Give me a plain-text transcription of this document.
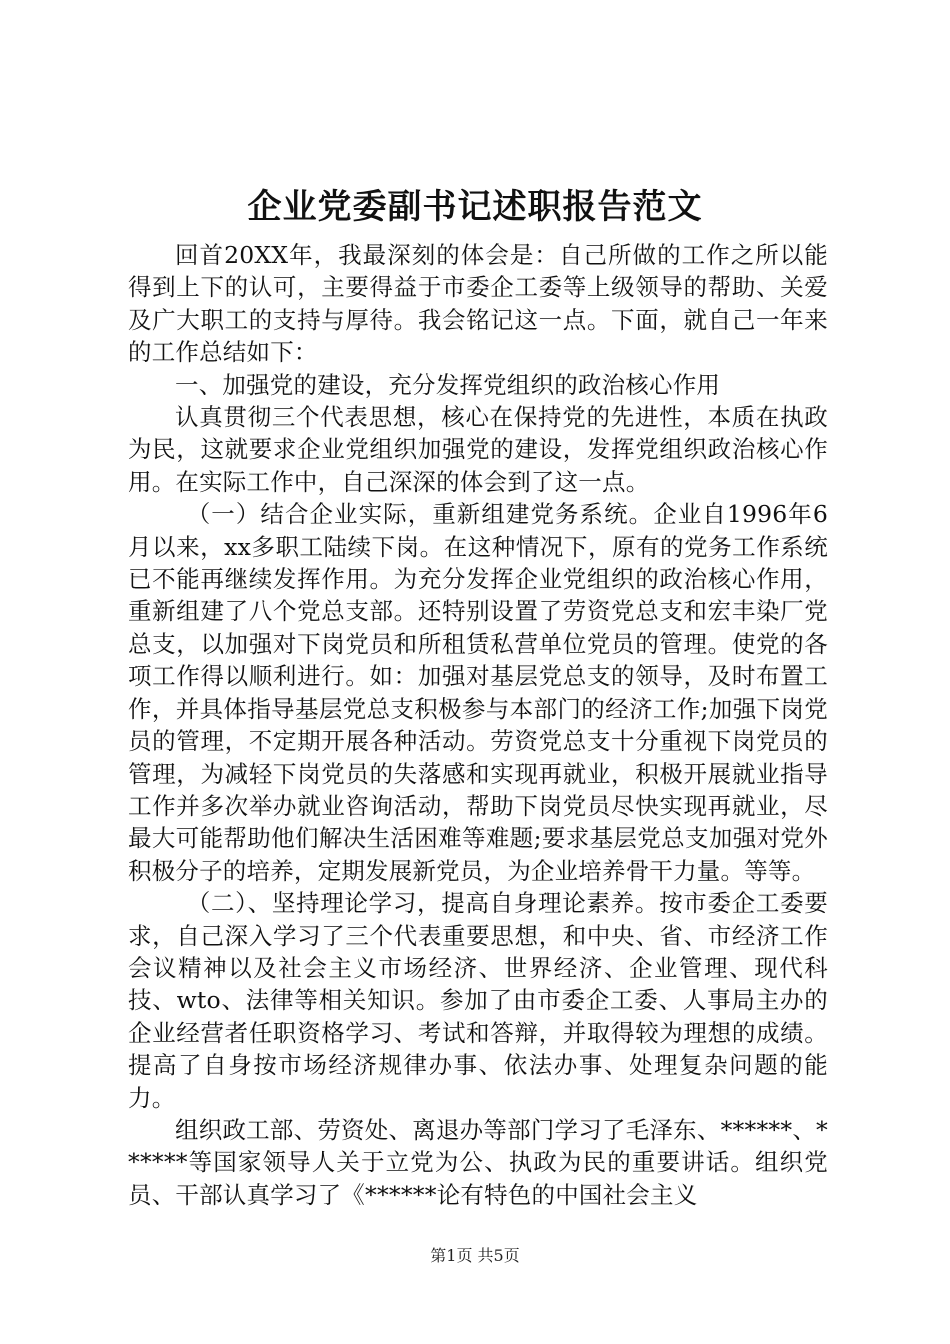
企业党委副书记述职报告范文

回首20XX年，我最深刻的体会是：自己所做的工作之所以能得到上下的认可，主要得益于市委企工委等上级领导的帮助、关爱及广大职工的支持与厚待。我会铭记这一点。下面，就自己一年来的工作总结如下：

一、加强党的建设，充分发挥党组织的政治核心作用

认真贯彻三个代表思想，核心在保持党的先进性，本质在执政为民，这就要求企业党组织加强党的建设，发挥党组织政治核心作用。在实际工作中，自己深深的体会到了这一点。

（一）结合企业实际，重新组建党务系统。企业自1996年6月以来，xx多职工陆续下岗。在这种情况下，原有的党务工作系统已不能再继续发挥作用。为充分发挥企业党组织的政治核心作用，重新组建了八个党总支部。还特别设置了劳资党总支和宏丰染厂党总支，以加强对下岗党员和所租赁私营单位党员的管理。使党的各项工作得以顺利进行。如：加强对基层党总支的领导，及时布置工作，并具体指导基层党总支积极参与本部门的经济工作;加强下岗党员的管理，不定期开展各种活动。劳资党总支十分重视下岗党员的管理，为减轻下岗党员的失落感和实现再就业，积极开展就业指导工作并多次举办就业咨询活动，帮助下岗党员尽快实现再就业，尽最大可能帮助他们解决生活困难等难题;要求基层党总支加强对党外积极分子的培养，定期发展新党员，为企业培养骨干力量。等等。

（二）、坚持理论学习，提高自身理论素养。按市委企工委要求，自己深入学习了三个代表重要思想，和中央、省、市经济工作会议精神以及社会主义市场经济、世界经济、企业管理、现代科技、wto、法律等相关知识。参加了由市委企工委、人事局主办的企业经营者任职资格学习、考试和答辩，并取得较为理想的成绩。提高了自身按市场经济规律办事、依法办事、处理复杂问题的能力。

组织政工部、劳资处、离退办等部门学习了毛泽东、******、******等国家领导人关于立党为公、执政为民的重要讲话。组织党员、干部认真学习了《******论有特色的中国社会主义

第1页 共5页
